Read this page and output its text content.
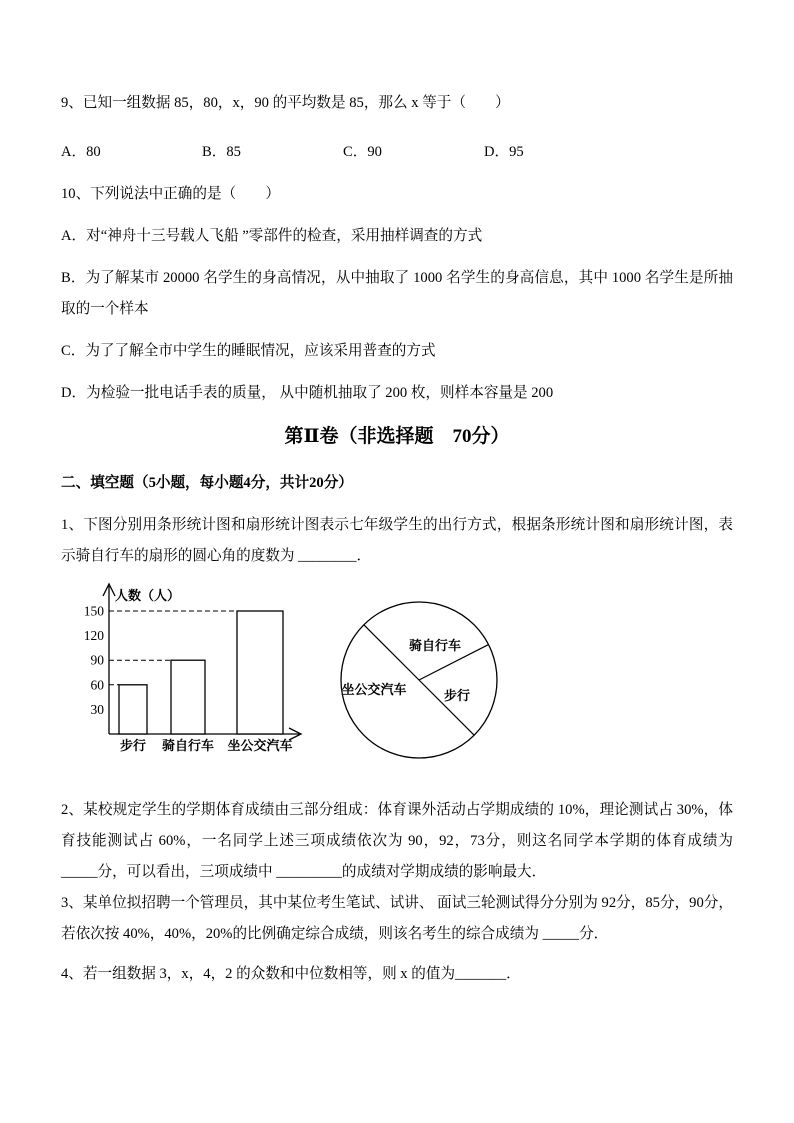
9、已知一组数据 85，80，x，90 的平均数是 85，那么 x 等于（　　）

A．80	B．85	C．90	D．95

10、下列说法中正确的是（　　）

A．对“神舟十三号载人飞船 ”零部件的检查，采用抽样调查的方式

B．为了解某市 20000 名学生的身高情况，从中抽取了 1000 名学生的身高信息，其中 1000 名学生是所抽取的一个样本

C．为了了解全市中学生的睡眠情况，应该采用普查的方式

D．为检验一批电话手表的质量， 从中随机抽取了 200 枚，则样本容量是 200

第Ⅱ卷（非选择题　70分）

二、填空题（5小题，每小题4分，共计20分）

1、下图分别用条形统计图和扇形统计图表示七年级学生的出行方式，根据条形统计图和扇形统计图，表示骑自行车的扇形的圆心角的度数为 ________．

30
60
90
120
150
步行 骑自行车 坐公交汽车
人数（人）
骑自行车
步行
坐公交汽车

2、某校规定学生的学期体育成绩由三部分组成：体育课外活动占学期成绩的 10%，理论测试占 30%，体育技能测试占 60%，一名同学上述三项成绩依次为 90，92，73分，则这名同学本学期的体育成绩为 _____分，可以看出，三项成绩中 _________的成绩对学期成绩的影响最大．

3、某单位拟招聘一个管理员，其中某位考生笔试、试讲、 面试三轮测试得分分别为 92分，85分，90分，若依次按 40%，40%，20%的比例确定综合成绩，则该名考生的综合成绩为 _____分．

4、若一组数据 3，x，4，2 的众数和中位数相等，则 x 的值为_______．
